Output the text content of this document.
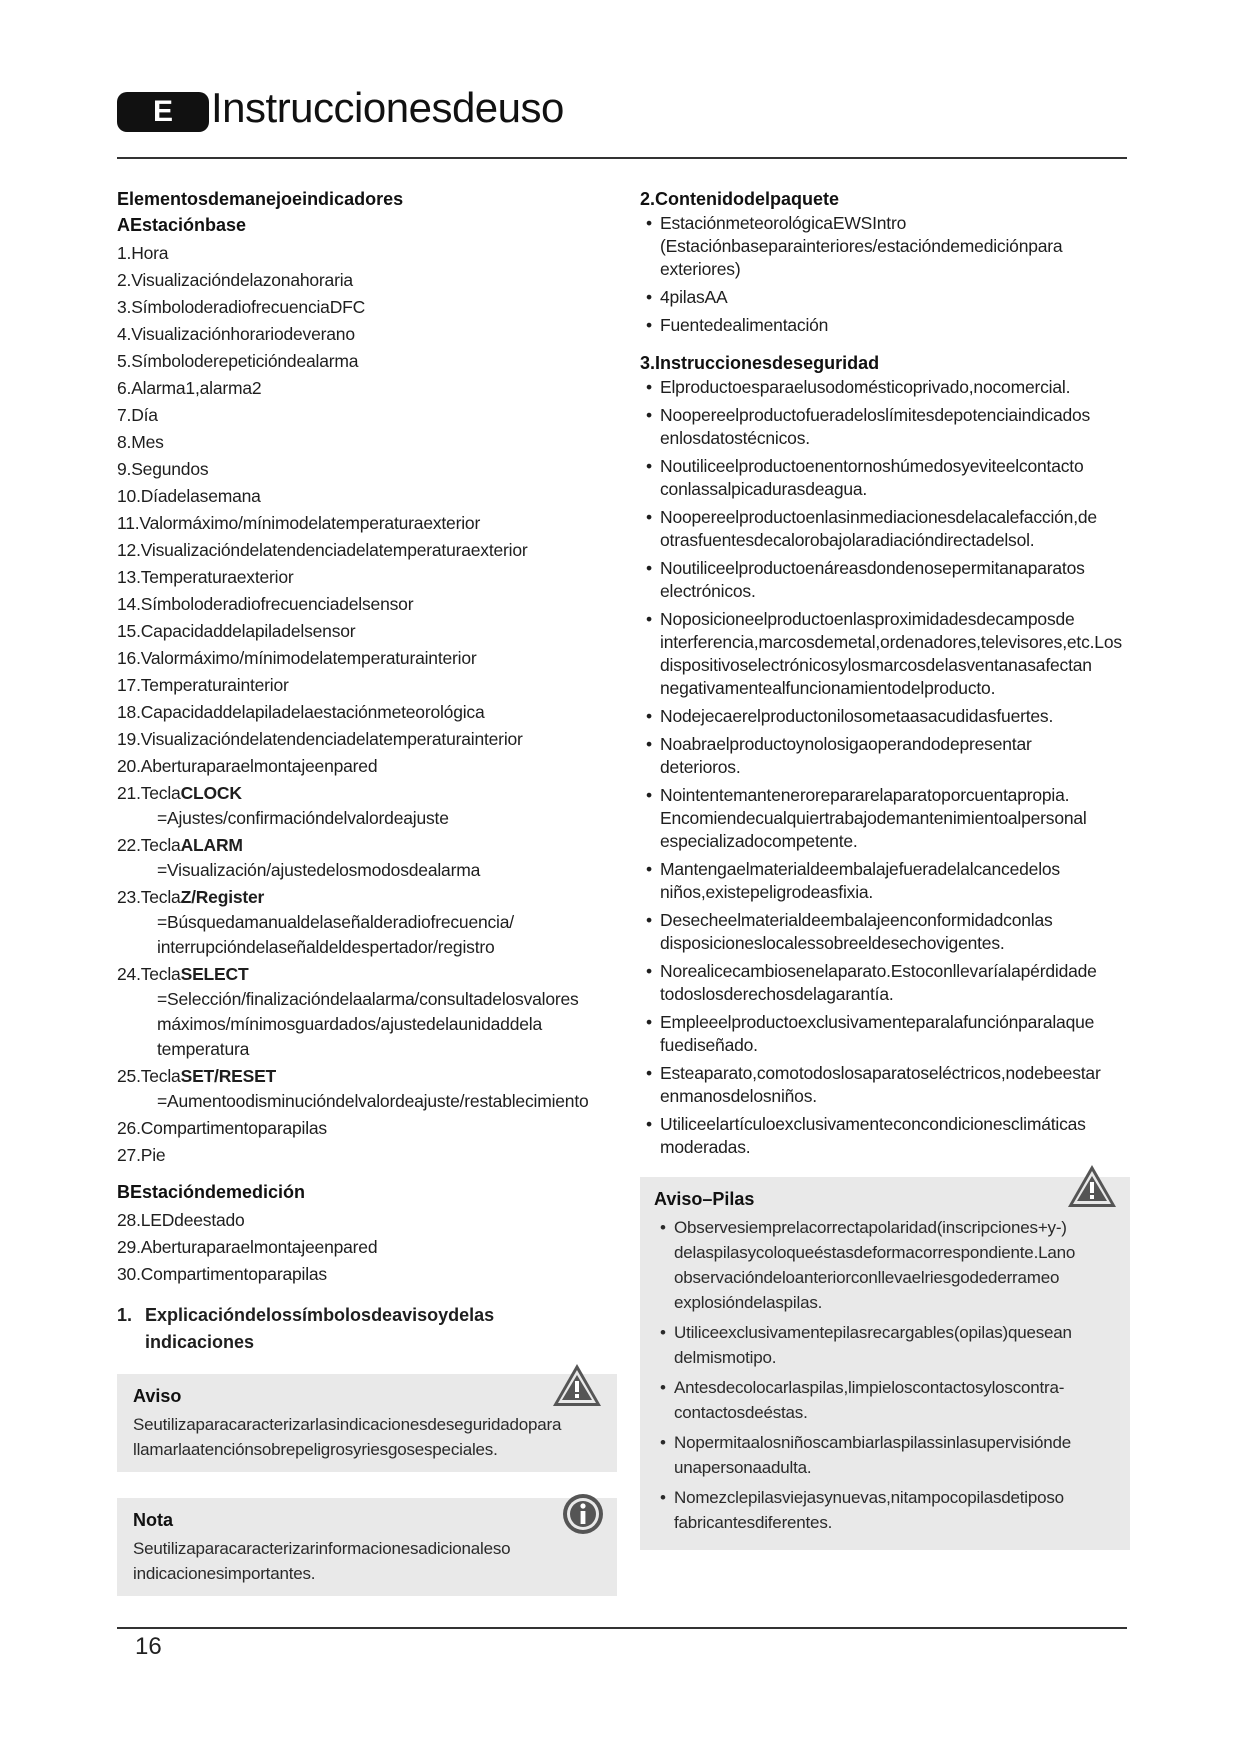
E Instruccionesdeuso
Elementosdemanejoeindicadores
AEstaciónbase
1.Hora
2.Visualizacióndelazonahoraria
3.SímboloderadiofrecuenciaDFC
4.Visualizaciónhorariodeverano
5.Símboloderepeticióndealarma
6.Alarma1,alarma2
7.Día
8.Mes
9.Segundos
10.Díadelasemana
11.Valormáximo/mínimodelatemperaturaexterior
12.Visualizacióndelatendenciadelatemperaturaexterior
13.Temperaturaexterior
14.Símboloderadiofrecuenciadelsensor
15.Capacidaddelapiladelsensor
16.Valormáximo/mínimodelatemperaturainterior
17.Temperaturainterior
18.Capacidaddelapiladelaestaciónmeteorológica
19.Visualizacióndelatendenciadelatemperaturainterior
20.Aberturaparaelmontajeenpared
21.TeclaCLOCK
=Ajustes/confirmacióndelvalordeajuste
22.TeclaALARM
=Visualización/ajustedelosmodosdealarma
23.TeclaZ/Register
=Búsquedamanualdelaseñalderadiofrecuencia/
interrupcióndelaseñaldeldespertador/registro
24.TeclaSELECT
=Selección/finalizacióndelaalarma/consultadelosvalores
máximos/mínimosguardados/ajustedelaunidaddela
temperatura
25.TeclaSET/RESET
=Aumentoodisminucióndelvalordeajuste/restablecimiento
26.Compartimentoparapilas
27.Pie
BEstacióndemedición
28.LEDdeestado
29.Aberturaparaelmontajeenpared
30.Compartimentoparapilas
1. Explicacióndelossímbolosdeavisoydelas
indicaciones
Aviso
Seutilizaparacaracterizarlasindicacionesdeseguridadopara
llamarlaatenciónsobrepeligrosyriesgosespeciales.
Nota
Seutilizaparacaracterizarinformacionesadicionaleso
indicacionesimportantes.
2.Contenidodelpaquete
• EstaciónmeteorológicaEWSIntro
(Estaciónbaseparainteriores/estacióndemediciónpara
exteriores)
• 4pilasAA
• Fuentedealimentación
3.Instruccionesdeseguridad
• Elproductoesparaelusodomésticoprivado,nocomercial.
• Noopereelproductofueradeloslímitesdepotenciaindicados
enlosdatostécnicos.
• Noutiliceelproductoenentornoshúmedosyeviteelcontacto
conlassalpicadurasdeagua.
• Noopereelproductoenlasinmediacionesdelacalefacción,de
otrasfuentesdecalorobajolaradiacióndirectadelsol.
• Noutiliceelproductoenáreasdondenosepermitanaparatos
electrónicos.
• Noposicioneelproductoenlasproximidadesdecamposde
interferencia,marcosdemetal,ordenadores,televisores,etc.Los
dispositivoselectrónicosylosmarcosdelasventanasafectan
negativamentealfuncionamientodelproducto.
• Nodejecaerelproductonilosometaasacudidasfuertes.
• Noabraelproductoynolosigaoperandodepresentar
deterioros.
• Nointentemantenerorepararelaparatoporcuentapropia.
Encomiendecualquiertrabajodemantenimientoalpersonal
especializadocompetente.
• Mantengaelmaterialdeembalajefueradelalcancedelos
niños,existepeligrodeasfixia.
• Desecheelmaterialdeembalajeenconformidadconlas
disposicioneslocalessobreeldesechovigentes.
• Norealicecambiosenelaparato.Estoconllevaríalapérdidade
todoslosderechosdelagarantía.
• Empleeelproductoexclusivamenteparalafunciónparalaque
fuediseñado.
• Esteaparato,comotodoslosaparatoseléctricos,nodebeestar
enmanosdelosniños.
• Utiliceelartículoexclusivamenteconcondicionesclimáticas
moderadas.
Aviso–Pilas
• Observesiemprelacorrectapolaridad(inscripciones+y-)
delaspilasycoloqueéstasdeformacorrespondiente.Lano
observacióndeloanteriorconllevaelriesgodederrameo
explosióndelaspilas.
• Utiliceexclusivamentepilasrecargables(opilas)quesean
delmismotipo.
• Antesdecolocarlaspilas,limpieloscontactosyloscontra-
contactosdeéstas.
• Nopermitaalosniñoscambiarlaspilassinlasupervisiónde
unapersonaadulta.
• Nomezclepilasviejasynuevas,nitampocopilasdetiposo
fabricantesdiferentes.
16
